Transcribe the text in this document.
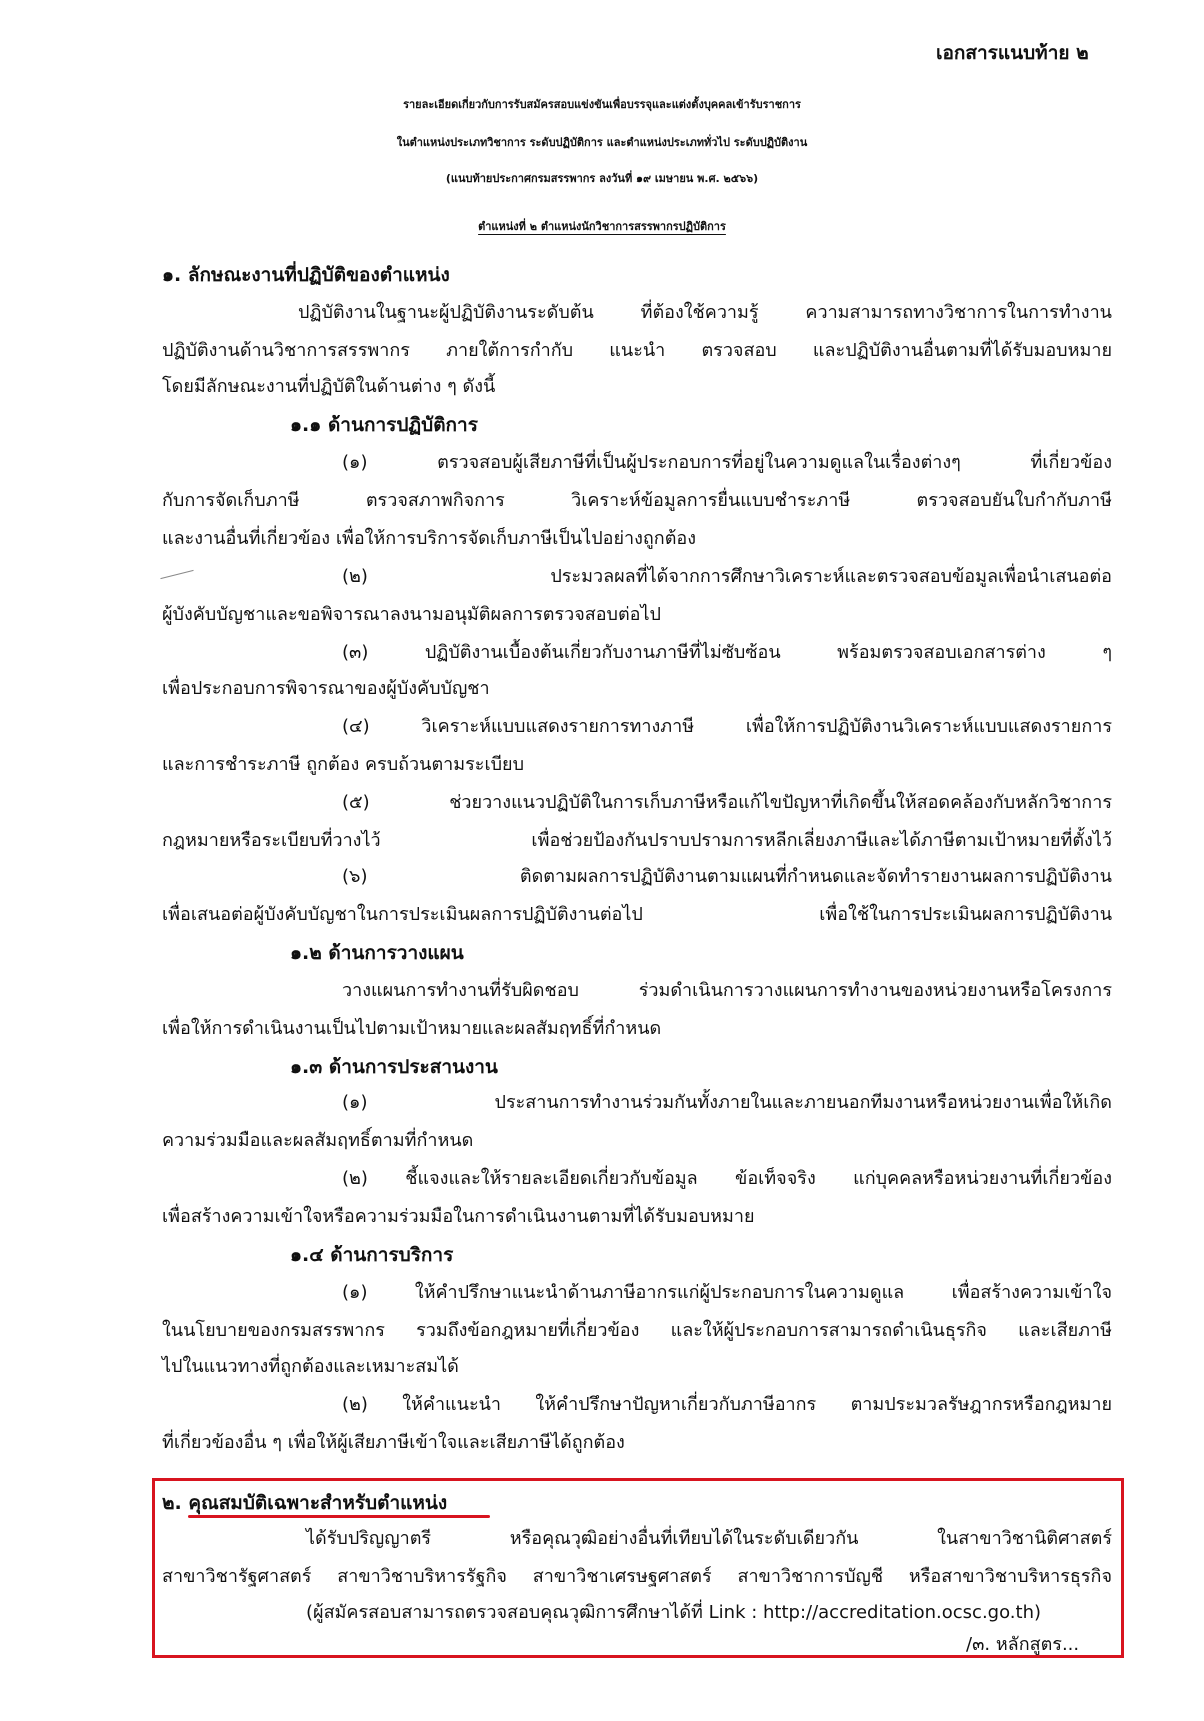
เอกสารแนบท้าย ๒
รายละเอียดเกี่ยวกับการรับสมัครสอบแข่งขันเพื่อบรรจุและแต่งตั้งบุคคลเข้ารับราชการ
ในตำแหน่งประเภทวิชาการ ระดับปฏิบัติการ และตำแหน่งประเภททั่วไป ระดับปฏิบัติงาน
(แนบท้ายประกาศกรมสรรพากร ลงวันที่ ๑๙ เมษายน พ.ศ. ๒๕๖๖)
ตำแหน่งที่ ๒ ตำแหน่งนักวิชาการสรรพากรปฏิบัติการ
๑. ลักษณะงานที่ปฏิบัติของตำแหน่ง
ปฏิบัติงานในฐานะผู้ปฏิบัติงานระดับต้น ที่ต้องใช้ความรู้ ความสามารถทางวิชาการในการทำงาน
ปฏิบัติงานด้านวิชาการสรรพากร ภายใต้การกำกับ แนะนำ ตรวจสอบ และปฏิบัติงานอื่นตามที่ได้รับมอบหมาย
โดยมีลักษณะงานที่ปฏิบัติในด้านต่าง ๆ ดังนี้
๑.๑ ด้านการปฏิบัติการ
(๑) ตรวจสอบผู้เสียภาษีที่เป็นผู้ประกอบการที่อยู่ในความดูแลในเรื่องต่างๆ ที่เกี่ยวข้อง
กับการจัดเก็บภาษี ตรวจสภาพกิจการ วิเคราะห์ข้อมูลการยื่นแบบชำระภาษี ตรวจสอบยันใบกำกับภาษี
และงานอื่นที่เกี่ยวข้อง เพื่อให้การบริการจัดเก็บภาษีเป็นไปอย่างถูกต้อง
(๒) ประมวลผลที่ได้จากการศึกษาวิเคราะห์และตรวจสอบข้อมูลเพื่อนำเสนอต่อ
ผู้บังคับบัญชาและขอพิจารณาลงนามอนุมัติผลการตรวจสอบต่อไป
(๓) ปฏิบัติงานเบื้องต้นเกี่ยวกับงานภาษีที่ไม่ซับซ้อน พร้อมตรวจสอบเอกสารต่าง ๆ
เพื่อประกอบการพิจารณาของผู้บังคับบัญชา
(๔) วิเคราะห์แบบแสดงรายการทางภาษี เพื่อให้การปฏิบัติงานวิเคราะห์แบบแสดงรายการ
และการชำระภาษี ถูกต้อง ครบถ้วนตามระเบียบ
(๕) ช่วยวางแนวปฏิบัติในการเก็บภาษีหรือแก้ไขปัญหาที่เกิดขึ้นให้สอดคล้องกับหลักวิชาการ
กฎหมายหรือระเบียบที่วางไว้ เพื่อช่วยป้องกันปราบปรามการหลีกเลี่ยงภาษีและได้ภาษีตามเป้าหมายที่ตั้งไว้
(๖) ติดตามผลการปฏิบัติงานตามแผนที่กำหนดและจัดทำรายงานผลการปฏิบัติงาน
เพื่อเสนอต่อผู้บังคับบัญชาในการประเมินผลการปฏิบัติงานต่อไป เพื่อใช้ในการประเมินผลการปฏิบัติงาน
๑.๒ ด้านการวางแผน
วางแผนการทำงานที่รับผิดชอบ ร่วมดำเนินการวางแผนการทำงานของหน่วยงานหรือโครงการ
เพื่อให้การดำเนินงานเป็นไปตามเป้าหมายและผลสัมฤทธิ์ที่กำหนด
๑.๓ ด้านการประสานงาน
(๑) ประสานการทำงานร่วมกันทั้งภายในและภายนอกทีมงานหรือหน่วยงานเพื่อให้เกิด
ความร่วมมือและผลสัมฤทธิ์ตามที่กำหนด
(๒) ชี้แจงและให้รายละเอียดเกี่ยวกับข้อมูล ข้อเท็จจริง แก่บุคคลหรือหน่วยงานที่เกี่ยวข้อง
เพื่อสร้างความเข้าใจหรือความร่วมมือในการดำเนินงานตามที่ได้รับมอบหมาย
๑.๔ ด้านการบริการ
(๑) ให้คำปรึกษาแนะนำด้านภาษีอากรแก่ผู้ประกอบการในความดูแล เพื่อสร้างความเข้าใจ
ในนโยบายของกรมสรรพากร รวมถึงข้อกฎหมายที่เกี่ยวข้อง และให้ผู้ประกอบการสามารถดำเนินธุรกิจ และเสียภาษี
ไปในแนวทางที่ถูกต้องและเหมาะสมได้
(๒) ให้คำแนะนำ ให้คำปรึกษาปัญหาเกี่ยวกับภาษีอากร ตามประมวลรัษฎากรหรือกฎหมาย
ที่เกี่ยวข้องอื่น ๆ เพื่อให้ผู้เสียภาษีเข้าใจและเสียภาษีได้ถูกต้อง
๒. คุณสมบัติเฉพาะสำหรับตำแหน่ง
ได้รับปริญญาตรี หรือคุณวุฒิอย่างอื่นที่เทียบได้ในระดับเดียวกัน ในสาขาวิชานิติศาสตร์
สาขาวิชารัฐศาสตร์ สาขาวิชาบริหารรัฐกิจ สาขาวิชาเศรษฐศาสตร์ สาขาวิชาการบัญชี หรือสาขาวิชาบริหารธุรกิจ
(ผู้สมัครสอบสามารถตรวจสอบคุณวุฒิการศึกษาได้ที่ Link : http://accreditation.ocsc.go.th)
/๓. หลักสูตร...
